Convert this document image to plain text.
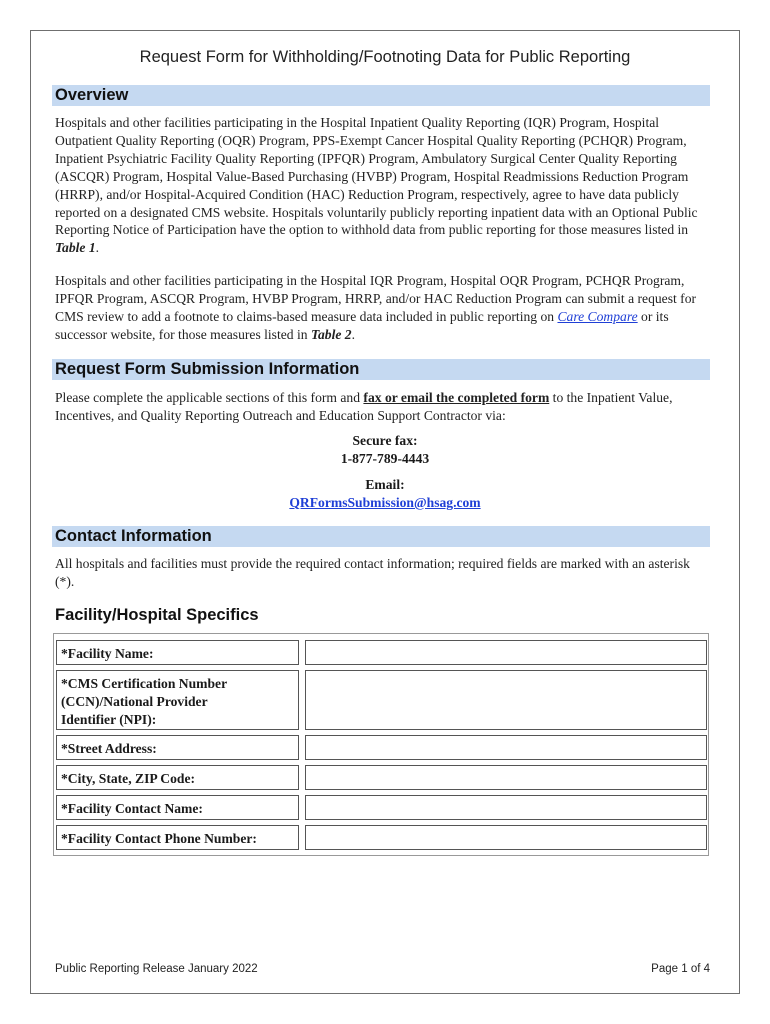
Request Form for Withholding/Footnoting Data for Public Reporting
Overview
Hospitals and other facilities participating in the Hospital Inpatient Quality Reporting (IQR) Program, Hospital Outpatient Quality Reporting (OQR) Program, PPS-Exempt Cancer Hospital Quality Reporting (PCHQR) Program, Inpatient Psychiatric Facility Quality Reporting (IPFQR) Program, Ambulatory Surgical Center Quality Reporting (ASCQR) Program, Hospital Value-Based Purchasing (HVBP) Program, Hospital Readmissions Reduction Program (HRRP), and/or Hospital-Acquired Condition (HAC) Reduction Program, respectively, agree to have data publicly reported on a designated CMS website. Hospitals voluntarily publicly reporting inpatient data with an Optional Public Reporting Notice of Participation have the option to withhold data from public reporting for those measures listed in Table 1.
Hospitals and other facilities participating in the Hospital IQR Program, Hospital OQR Program, PCHQR Program, IPFQR Program, ASCQR Program, HVBP Program, HRRP, and/or HAC Reduction Program can submit a request for CMS review to add a footnote to claims-based measure data included in public reporting on Care Compare or its successor website, for those measures listed in Table 2.
Request Form Submission Information
Please complete the applicable sections of this form and fax or email the completed form to the Inpatient Value, Incentives, and Quality Reporting Outreach and Education Support Contractor via:
Secure fax:
1-877-789-4443
Email:
QRFormsSubmission@hsag.com
Contact Information
All hospitals and facilities must provide the required contact information; required fields are marked with an asterisk (*).
Facility/Hospital Specifics
*Facility Name:
*CMS Certification Number (CCN)/National Provider Identifier (NPI):
*Street Address:
*City, State, ZIP Code:
*Facility Contact Name:
*Facility Contact Phone Number:
Public Reporting Release January 2022	Page 1 of 4
